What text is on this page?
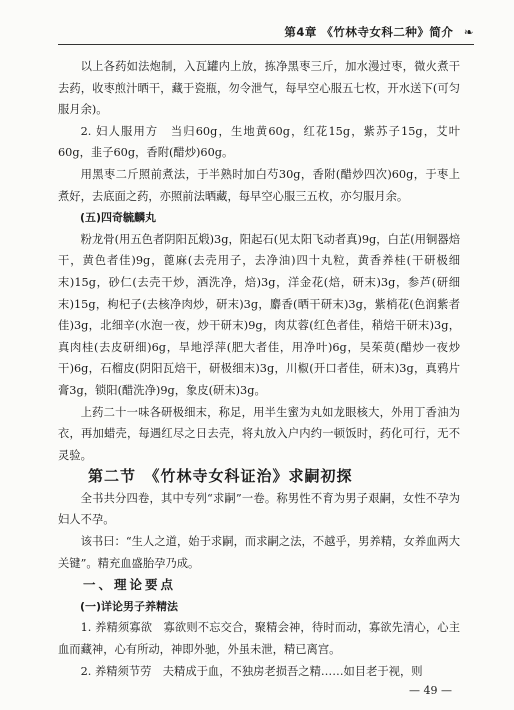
第4章 《竹林寺女科二种》简介 ❧

以上各药如法炮制，入瓦罐内上放，拣净黑枣三斤，加水漫过枣，微火煮干去药，收枣煎汁晒干，藏于瓷瓶，勿令泄气，每早空心服五七枚，开水送下(可匀服月余)。

2. 妇人服用方　当归60g，生地黄60g，红花15g，紫苏子15g，艾叶60g，韭子60g，香附(醋炒)60g。

用黑枣二斤照前煮法，于半熟时加白芍30g，香附(醋炒四次)60g，于枣上煮好，去底面之药，亦照前法晒藏，每早空心服三五枚，亦匀服月余。

(五)四奇毓麟丸

粉龙骨(用五色者阴阳瓦煅)3g，阳起石(见太阳飞动者真)9g，白芷(用铜器焙干，黄色者佳)9g，蓖麻(去壳用子，去净油)四十丸粒，黄香养桂(干研极细末)15g，砂仁(去壳干炒，酒洗净，焙)3g，洋金花(焙，研末)3g，参芦(研细末)15g，枸杞子(去核净肉炒，研末)3g，麝香(晒干研末)3g，紫梢花(色润紫者佳)3g，北细辛(水泡一夜，炒干研末)9g，肉苁蓉(红色者佳，稍焙干研末)3g，真肉桂(去皮研细)6g，旱地浮萍(肥大者佳，用净叶)6g，吴茱萸(醋炒一夜炒干)6g，石榴皮(阴阳瓦焙干，研极细末)3g，川椒(开口者佳，研末)3g，真鸦片膏3g，锁阳(醋洗净)9g，象皮(研末)3g。

上药二十一味各研极细末，称足，用半生蜜为丸如龙眼核大，外用丁香油为衣，再加蜡壳，每遇红尽之日去壳，将丸放入户内约一顿饭时，药化可行，无不灵验。

第二节　《竹林寺女科证治》求嗣初探

全书共分四卷，其中专列“求嗣”一卷。称男性不育为男子艰嗣，女性不孕为妇人不孕。

该书曰：“生人之道，始于求嗣，而求嗣之法，不越乎，男养精，女养血两大关键”。精充血盛胎孕乃成。

一、理论要点

(一)详论男子养精法

1. 养精须寡欲　寡欲则不忘交合，聚精会神，待时而动，寡欲先清心，心主血而藏神，心有所动，神即外驰，外虽未泄，精已离宫。

2. 养精须节劳　夫精成于血，不独房老损吾之精……如目老于视，则

— 49 —
